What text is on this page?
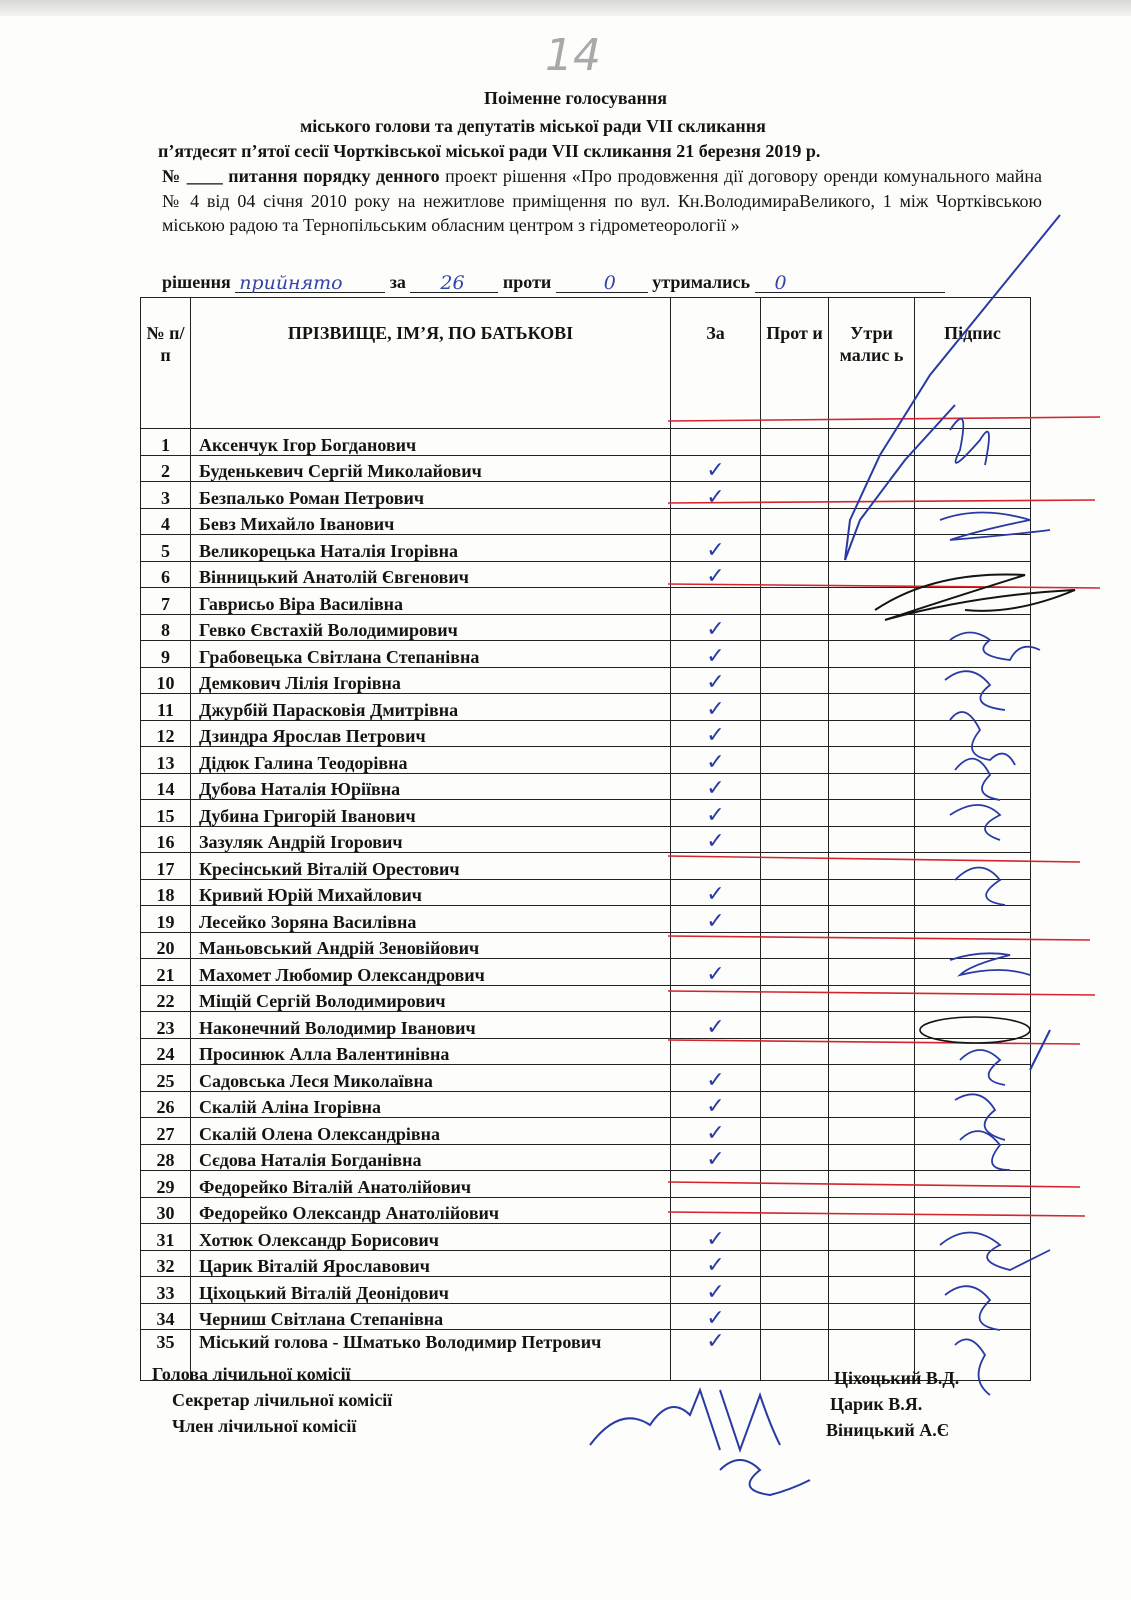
14
Поіменне голосування
міського голови та депутатів міської ради VII скликання
п’ятдесят п’ятої сесії Чортківської міської ради VII скликання 21 березня 2019 р.
№ ____ питання порядку денного проект рішення «Про продовження дії договору оренди комунального майна № 4 від 04 січня 2010 року на нежитлове приміщення по вул. Кн.ВолодимираВеликого, 1 між Чортківською міською радою та Тернопільським обласним центром з гідрометеорології »
рішення прийнято	за 26 проти	0 утримались 0
№ п/п	ПРІЗВИЩЕ, ІМ’Я, ПО БАТЬКОВІ	За	Прот и	Утри малис ь	Підпис
1	Аксенчук Ігор Богданович				
2	Буденькевич Сергій Миколайович	✓			
3	Безпалько Роман Петрович	✓			
4	Бевз Михайло Іванович				
5	Великорецька Наталія Ігорівна	✓			
6	Вінницький Анатолій Євгенович	✓			
7	Гаврисьо Віра Василівна				
8	Гевко Євстахій Володимирович	✓			
9	Грабовецька Світлана Степанівна	✓			
10	Демкович Лілія Ігорівна	✓			
11	Джурбій Парасковія Дмитрівна	✓			
12	Дзиндра Ярослав Петрович	✓			
13	Дідюк Галина Теодорівна	✓			
14	Дубова Наталія Юріївна	✓			
15	Дубина Григорій Іванович	✓			
16	Зазуляк Андрій Ігорович	✓			
17	Кресінський Віталій Орестович				
18	Кривий Юрій Михайлович	✓			
19	Лесейко Зоряна Василівна	✓			
20	Маньовський Андрій Зеновійович				
21	Махомет Любомир Олександрович	✓			
22	Міщій Сергій Володимирович				
23	Наконечний Володимир Іванович	✓			
24	Просинюк Алла Валентинівна				
25	Садовська Леся Миколаївна	✓			
26	Скалій Аліна Ігорівна	✓			
27	Скалій Олена Олександрівна	✓			
28	Сєдова Наталія Богданівна	✓			
29	Федорейко Віталій Анатолійович				
30	Федорейко Олександр Анатолійович				
31	Хотюк Олександр Борисович	✓			
32	Царик Віталій Ярославович	✓			
33	Ціхоцький Віталій Деонідович	✓			
34	Черниш Світлана Степанівна	✓			
35	Міський голова - Шматько Володимир Петрович	✓			
Голова лічильної комісії
Секретар лічильної комісії
Член лічильної комісії
Ціхоцький В.Д.
Царик В.Я.
Віницький А.Є
